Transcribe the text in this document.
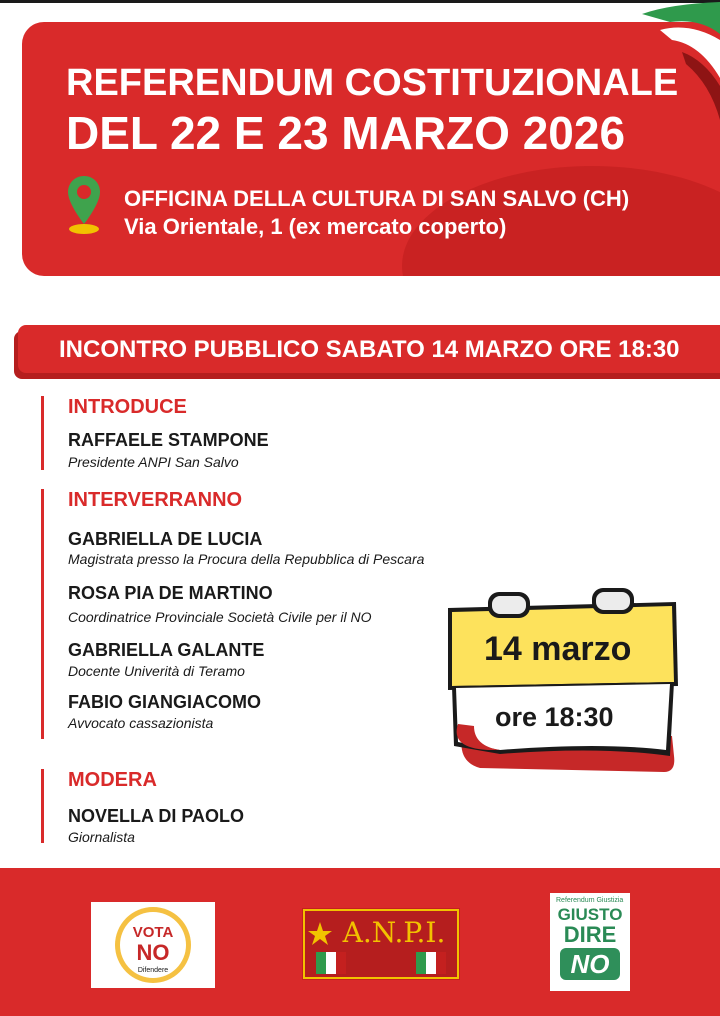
REFERENDUM COSTITUZIONALE
DEL 22 E 23 MARZO 2026
OFFICINA DELLA CULTURA DI SAN SALVO (CH)
Via Orientale, 1 (ex mercato coperto)
INCONTRO PUBBLICO SABATO 14 MARZO ORE 18:30
INTRODUCE
RAFFAELE STAMPONE
Presidente ANPI San Salvo
INTERVERRANNO
GABRIELLA DE LUCIA
Magistrata presso la Procura della Repubblica di Pescara
ROSA PIA DE MARTINO
Coordinatrice Provinciale Società Civile per il NO
GABRIELLA GALANTE
Docente Univerità di Teramo
FABIO GIANGIACOMO
Avvocato cassazionista
MODERA
NOVELLA DI PAOLO
Giornalista
14 marzo
ore 18:30
VOTA
NO
Difendere
A.N.P.I.
Referendum Giustizia
GIUSTO
DIRE
NO
